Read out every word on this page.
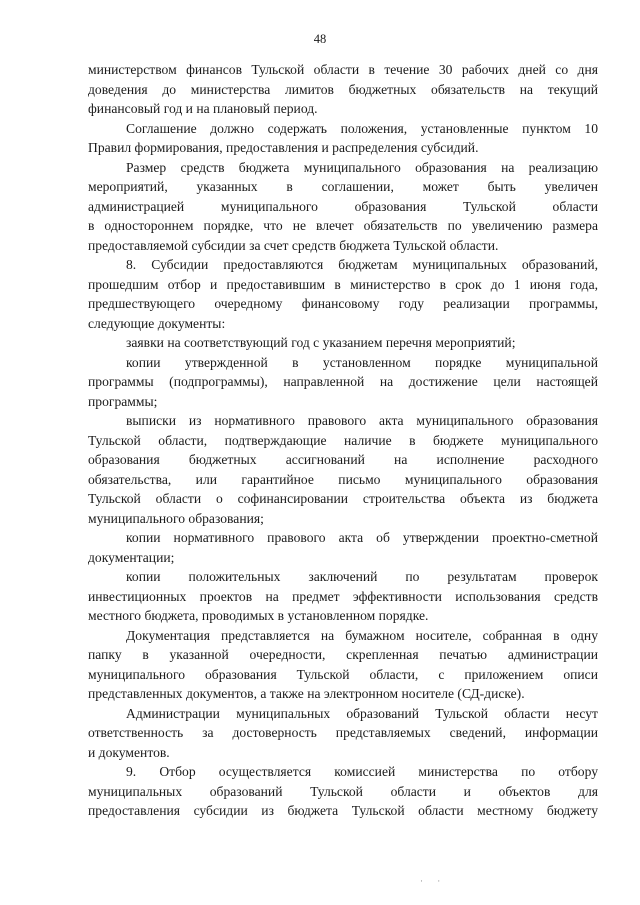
48
министерством финансов Тульской области в течение 30 рабочих дней со дня
доведения до министерства лимитов бюджетных обязательств на текущий
финансовый год и на плановый период.
Соглашение должно содержать положения, установленные пунктом 10
Правил формирования, предоставления и распределения субсидий.
Размер средств бюджета муниципального образования на реализацию
мероприятий, указанных в соглашении, может быть увеличен
администрацией муниципального образования Тульской области
в одностороннем порядке, что не влечет обязательств по увеличению размера
предоставляемой субсидии за счет средств бюджета Тульской области.
8. Субсидии предоставляются бюджетам муниципальных образований,
прошедшим отбор и предоставившим в министерство в срок до 1 июня года,
предшествующего очередному финансовому году реализации программы,
следующие документы:
заявки на соответствующий год с указанием перечня мероприятий;
копии утвержденной в установленном порядке муниципальной
программы (подпрограммы), направленной на достижение цели настоящей
программы;
выписки из нормативного правового акта муниципального образования
Тульской области, подтверждающие наличие в бюджете муниципального
образования бюджетных ассигнований на исполнение расходного
обязательства, или гарантийное письмо муниципального образования
Тульской области о софинансировании строительства объекта из бюджета
муниципального образования;
копии нормативного правового акта об утверждении проектно-сметной
документации;
копии положительных заключений по результатам проверок
инвестиционных проектов на предмет эффективности использования средств
местного бюджета, проводимых в установленном порядке.
Документация представляется на бумажном носителе, собранная в одну
папку в указанной очередности, скрепленная печатью администрации
муниципального образования Тульской области, с приложением описи
представленных документов, а также на электронном носителе (СД-диске).
Администрации муниципальных образований Тульской области несут
ответственность за достоверность представляемых сведений, информации
и документов.
9. Отбор осуществляется комиссией министерства по отбору
муниципальных образований Тульской области и объектов для
предоставления субсидии из бюджета Тульской области местному бюджету
· ·
